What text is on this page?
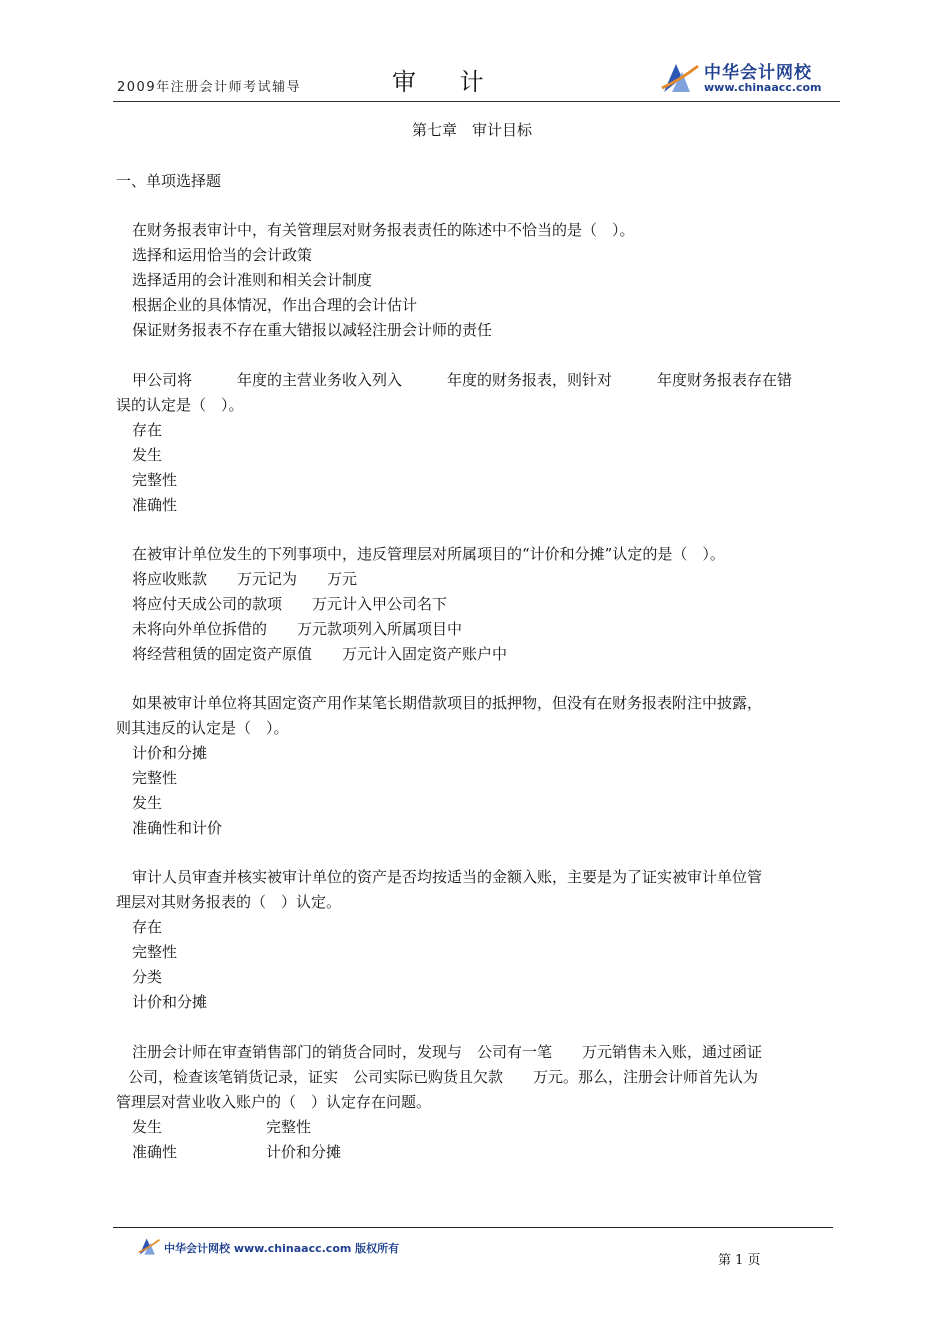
2009年注册会计师考试辅导	审 计	中华会计网校
www.chinaacc.com
第七章　审计目标
一、单项选择题
在财务报表审计中，有关管理层对财务报表责任的陈述中不恰当的是（　）。
选择和运用恰当的会计政策
选择适用的会计准则和相关会计制度
根据企业的具体情况，作出合理的会计估计
保证财务报表不存在重大错报以减轻注册会计师的责任
甲公司将　　　年度的主营业务收入列入　　　年度的财务报表，则针对　　　年度财务报表存在错
误的认定是（　）。
存在
发生
完整性
准确性
在被审计单位发生的下列事项中，违反管理层对所属项目的“计价和分摊”认定的是（　）。
将应收账款　　万元记为　　万元
将应付天成公司的款项　　万元计入甲公司名下
未将向外单位拆借的　　万元款项列入所属项目中
将经营租赁的固定资产原值　　万元计入固定资产账户中
如果被审计单位将其固定资产用作某笔长期借款项目的抵押物，但没有在财务报表附注中披露，
则其违反的认定是（　）。
计价和分摊
完整性
发生
准确性和计价
审计人员审查并核实被审计单位的资产是否均按适当的金额入账，主要是为了证实被审计单位管
理层对其财务报表的（　）认定。
存在
完整性
分类
计价和分摊
注册会计师在审查销售部门的销货合同时，发现与　公司有一笔　　万元销售未入账，通过函证
公司，检查该笔销货记录，证实　公司实际已购货且欠款　　万元。那么，注册会计师首先认为
管理层对营业收入账户的（　）认定存在问题。
发生	完整性
准确性	计价和分摊
中华会计网校 www.chinaacc.com 版权所有
第 1 页
